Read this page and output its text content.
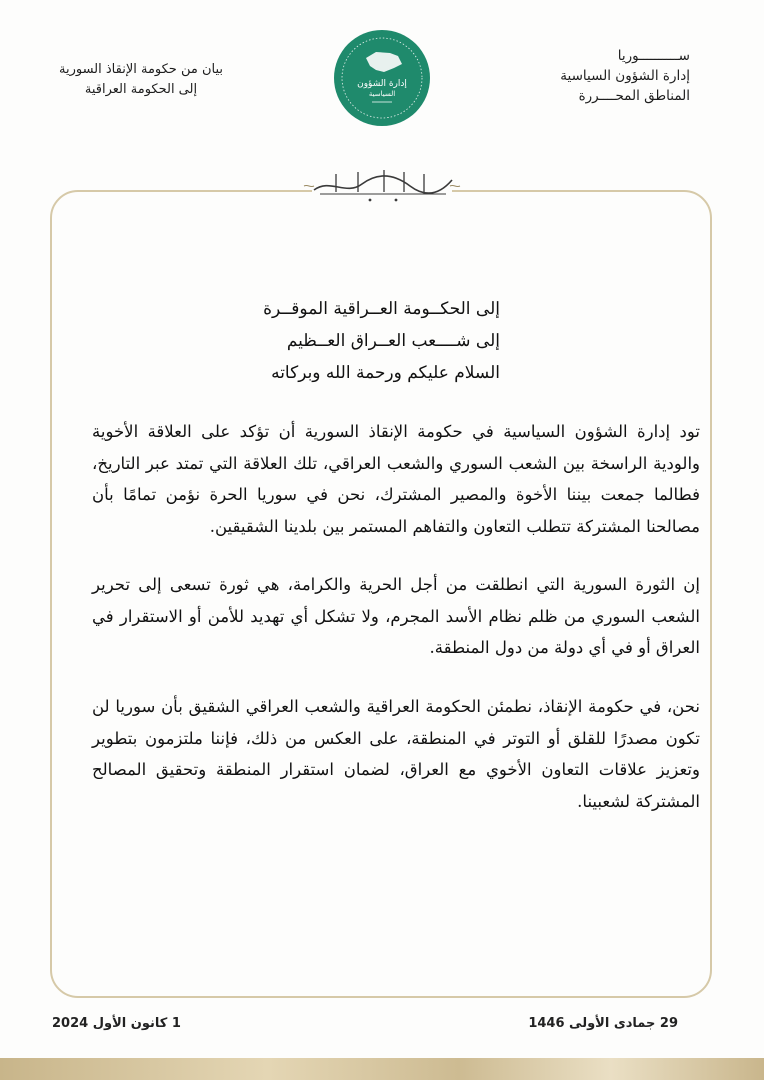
ســــــــــوريا
إدارة الشؤون السياسية
المناطق المحــــررة
إدارة الشؤون
السياسية
بيان من حكومة الإنقاذ السورية
إلى الحكومة العراقية
إلى الحكــومة العــراقية الموقــرة
إلى شــــعب العــراق العــظيم
السلام عليكم ورحمة الله وبركاته
تود إدارة الشؤون السياسية في حكومة الإنقاذ السورية أن تؤكد على العلاقة الأخوية والودية الراسخة بين الشعب السوري والشعب العراقي، تلك العلاقة التي تمتد عبر التاريخ، فطالما جمعت بيننا الأخوة والمصير المشترك، نحن في سوريا الحرة نؤمن تمامًا بأن مصالحنا المشتركة تتطلب التعاون والتفاهم المستمر بين بلدينا الشقيقين.
إن الثورة السورية التي انطلقت من أجل الحرية والكرامة، هي ثورة تسعى إلى تحرير الشعب السوري من ظلم نظام الأسد المجرم، ولا تشكل أي تهديد للأمن أو الاستقرار في العراق أو في أي دولة من دول المنطقة.
نحن، في حكومة الإنقاذ، نطمئن الحكومة العراقية والشعب العراقي الشقيق بأن سوريا لن تكون مصدرًا للقلق أو التوتر في المنطقة، على العكس من ذلك، فإننا ملتزمون بتطوير وتعزيز علاقات التعاون الأخوي مع العراق، لضمان استقرار المنطقة وتحقيق المصالح المشتركة لشعبينا.
29 جمادى الأولى 1446
1 كانون الأول 2024
